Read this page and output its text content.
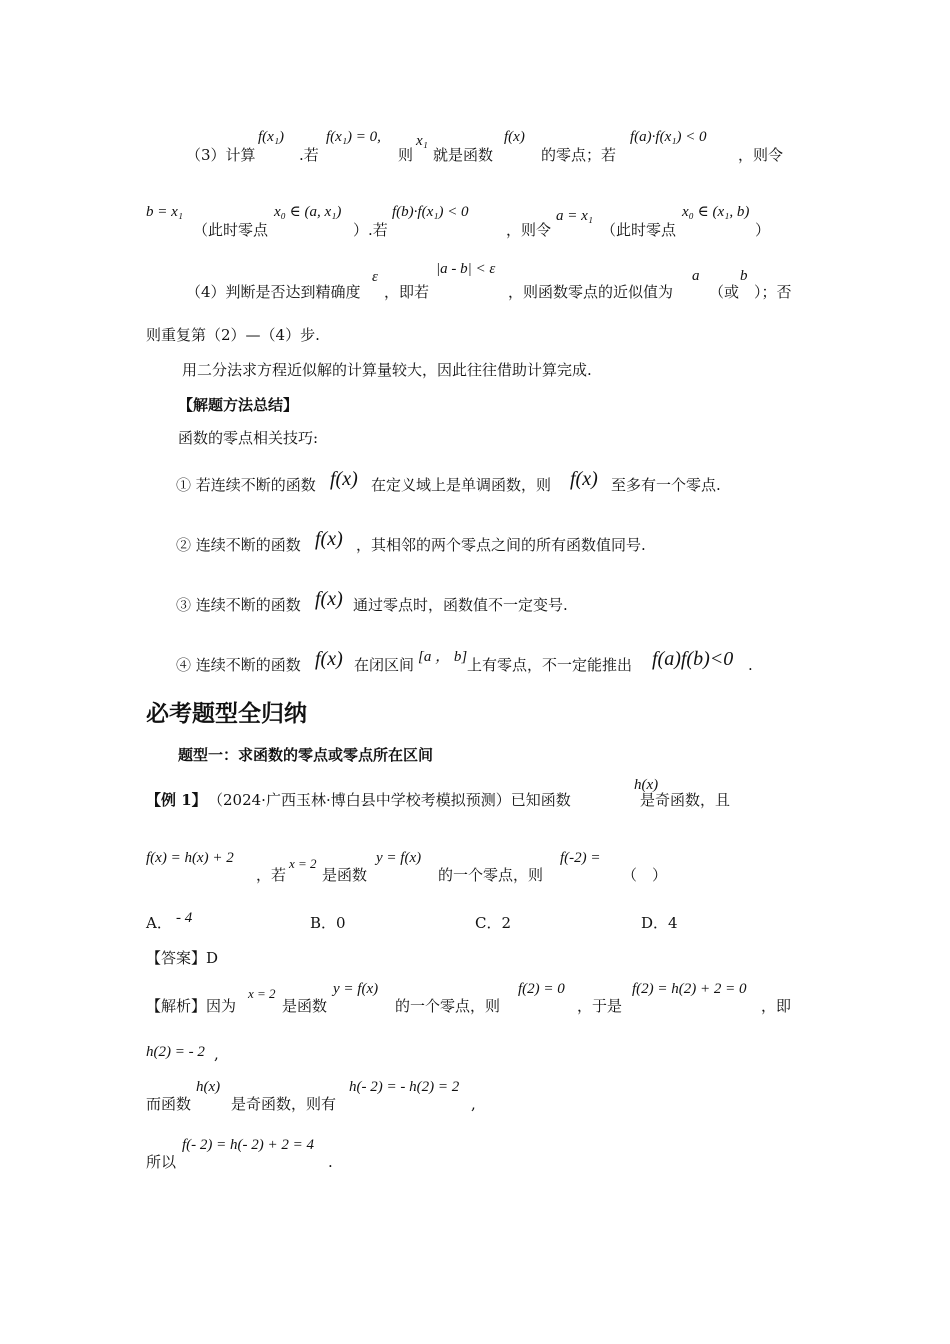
（3）计算
f(x₁)
.若
f(x₁) = 0,
则
x₁
就是函数
f(x)
的零点；若
f(a)·f(x₁) < 0
，则令
b = x₁
（此时零点
x₀ ∈ (a, x₁)
）.若
f(b)·f(x₁) < 0
，则令
a = x₁
（此时零点
x₀ ∈ (x₁, b)
）
（4）判断是否达到精确度
ε
，即若
|a - b| < ε
，则函数零点的近似值为
a
（或
b
）；否
则重复第（2）—（4）步.
用二分法求方程近似解的计算量较大，因此往往借助计算完成.
【解题方法总结】
函数的零点相关技巧:
① 若连续不断的函数 f(x) 在定义域上是单调函数，则 f(x) 至多有一个零点.
② 连续不断的函数 f(x) ，其相邻的两个零点之间的所有函数值同号.
③ 连续不断的函数 f(x) 通过零点时，函数值不一定变号.
④ 连续不断的函数 f(x) 在闭区间 [a ， b] 上有零点，不一定能推出 f(a)f(b)<0 .
必考题型全归纳
题型一：求函数的零点或零点所在区间
【例 1】 （2024·广西玉林·博白县中学校考模拟预测）已知函数
h(x)
是奇函数，且
f(x) = h(x) + 2
，若
x = 2
是函数
y = f(x)
的一个零点，则
f(-2) =
（　）
A． - 4	B．0	C．2	D．4
【答案】D
【解析】因为
x = 2
是函数
y = f(x)
的一个零点，则
f(2) = 0
，于是
f(2) = h(2) + 2 = 0
，即
h(2) = - 2 ,
而函数
h(x)
是奇函数，则有
h(- 2) = - h(2) = 2
,
所以
f(- 2) = h(- 2) + 2 = 4
.
